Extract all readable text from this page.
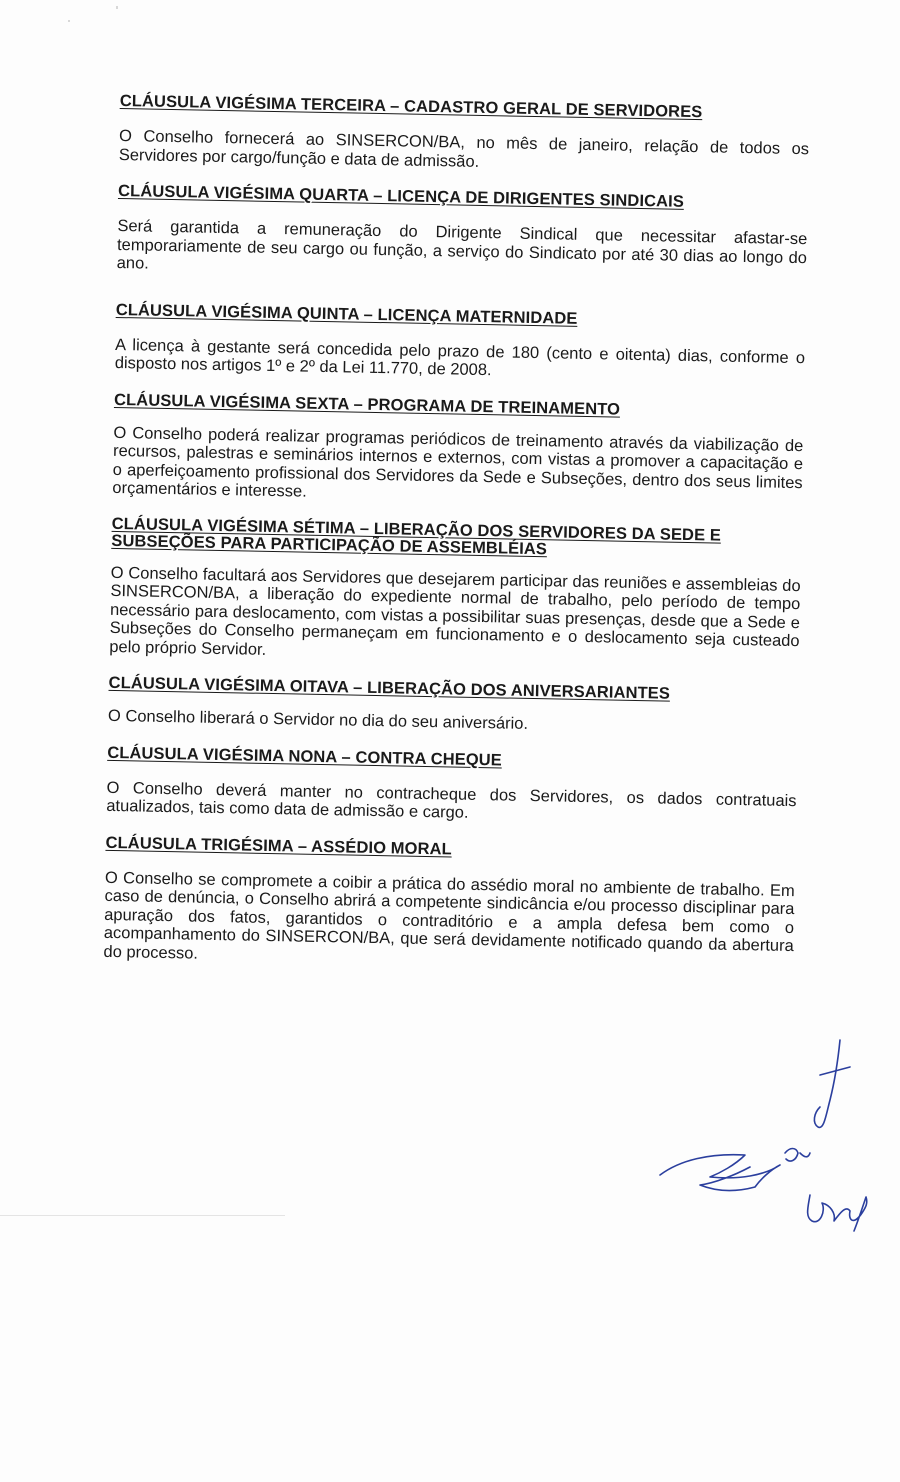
CLÁUSULA VIGÉSIMA TERCEIRA – CADASTRO GERAL DE SERVIDORES

O Conselho fornecerá ao SINSERCON/BA, no mês de janeiro, relação de todos os Servidores por cargo/função e data de admissão.

CLÁUSULA VIGÉSIMA QUARTA – LICENÇA DE DIRIGENTES SINDICAIS

Será garantida a remuneração do Dirigente Sindical que necessitar afastar-se temporariamente de seu cargo ou função, a serviço do Sindicato por até 30 dias ao longo do ano.

CLÁUSULA VIGÉSIMA QUINTA – LICENÇA MATERNIDADE

A licença à gestante será concedida pelo prazo de 180 (cento e oitenta) dias, conforme o disposto nos artigos 1º e 2º da Lei 11.770, de 2008.

CLÁUSULA VIGÉSIMA SEXTA – PROGRAMA DE TREINAMENTO

O Conselho poderá realizar programas periódicos de treinamento através da viabilização de recursos, palestras e seminários internos e externos, com vistas a promover a capacitação e o aperfeiçoamento profissional dos Servidores da Sede e Subseções, dentro dos seus limites orçamentários e interesse.

CLÁUSULA VIGÉSIMA SÉTIMA – LIBERAÇÃO DOS SERVIDORES DA SEDE E SUBSEÇÕES PARA PARTICIPAÇÃO DE ASSEMBLÉIAS

O Conselho facultará aos Servidores que desejarem participar das reuniões e assembleias do SINSERCON/BA, a liberação do expediente normal de trabalho, pelo período de tempo necessário para deslocamento, com vistas a possibilitar suas presenças, desde que a Sede e Subseções do Conselho permaneçam em funcionamento e o deslocamento seja custeado pelo próprio Servidor.

CLÁUSULA VIGÉSIMA OITAVA – LIBERAÇÃO DOS ANIVERSARIANTES

O Conselho liberará o Servidor no dia do seu aniversário.

CLÁUSULA VIGÉSIMA NONA – CONTRA CHEQUE

O Conselho deverá manter no contracheque dos Servidores, os dados contratuais atualizados, tais como data de admissão e cargo.

CLÁUSULA TRIGÉSIMA – ASSÉDIO MORAL

O Conselho se compromete a coibir a prática do assédio moral no ambiente de trabalho. Em caso de denúncia, o Conselho abrirá a competente sindicância e/ou processo disciplinar para apuração dos fatos, garantidos o contraditório e a ampla defesa bem como o acompanhamento do SINSERCON/BA, que será devidamente notificado quando da abertura do processo.
